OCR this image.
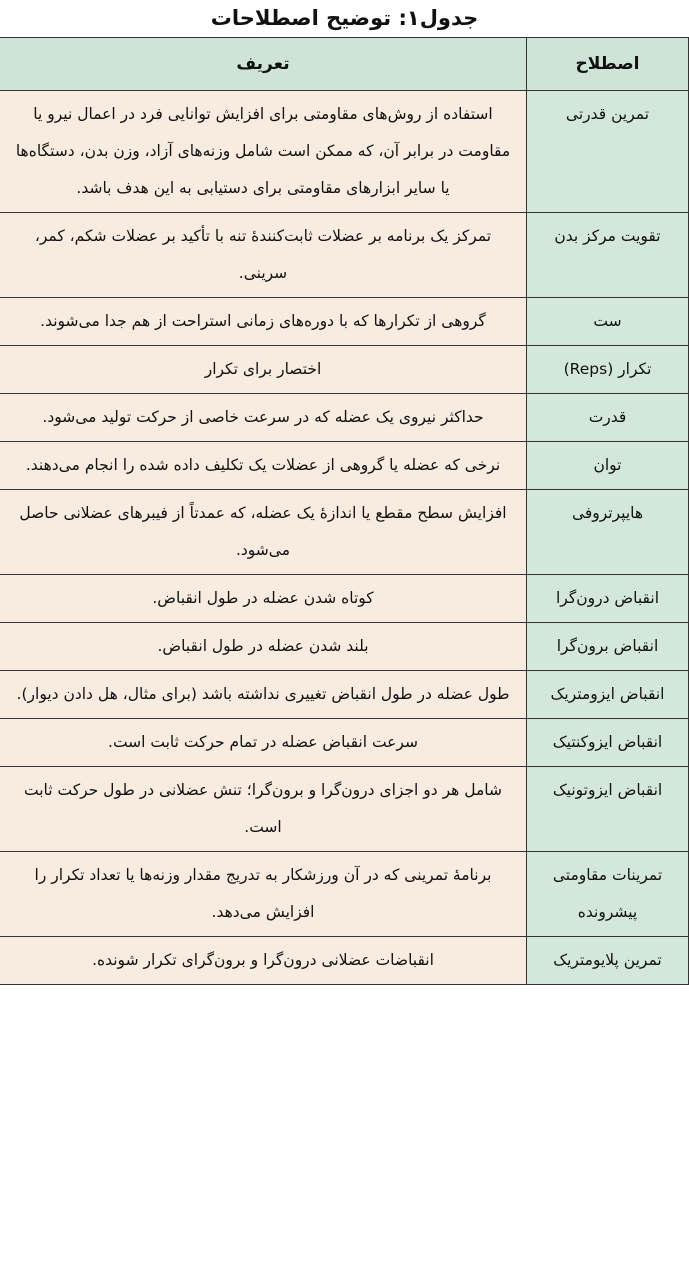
جدول۱: توضیح اصطلاحات
اصطلاح	تعریف
تمرین قدرتی	استفاده از روش‌های مقاومتی برای افزایش توانایی فرد در اعمال نیرو یا مقاومت در برابر آن، که ممکن است شامل وزنه‌های آزاد، وزن بدن، دستگاه‌ها یا سایر ابزارهای مقاومتی برای دستیابی به این هدف باشد.
تقویت مرکز بدن	تمرکز یک برنامه بر عضلات ثابت‌کنندهٔ تنه با تأکید بر عضلات شکم، کمر، سرینی.
ست	گروهی از تکرارها که با دوره‌های زمانی استراحت از هم جدا می‌شوند.
تکرار (Reps)	اختصار برای تکرار
قدرت	حداکثر نیروی یک عضله که در سرعت خاصی از حرکت تولید می‌شود.
توان	نرخی که عضله یا گروهی از عضلات یک تکلیف داده شده را انجام می‌دهند.
هایپرتروفی	افزایش سطح مقطع یا اندازهٔ یک عضله، که عمدتاً از فیبرهای عضلانی حاصل می‌شود.
انقباض درون‌گرا	کوتاه شدن عضله در طول انقباض.
انقباض برون‌گرا	بلند شدن عضله در طول انقباض.
انقباض ایزومتریک	طول عضله در طول انقباض تغییری نداشته باشد (برای مثال، هل دادن دیوار).
انقباض ایزوکنتیک	سرعت انقباض عضله در تمام حرکت ثابت است.
انقباض ایزوتونیک	شامل هر دو اجزای درون‌گرا و برون‌گرا؛ تنش عضلانی در طول حرکت ثابت است.
تمرینات مقاومتی پیشرونده	برنامهٔ تمرینی که در آن ورزشکار به تدریج مقدار وزنه‌ها یا تعداد تکرار را افزایش می‌دهد.
تمرین پلایومتریک	انقباضات عضلانی درون‌گرا و برون‌گرای تکرار شونده.
